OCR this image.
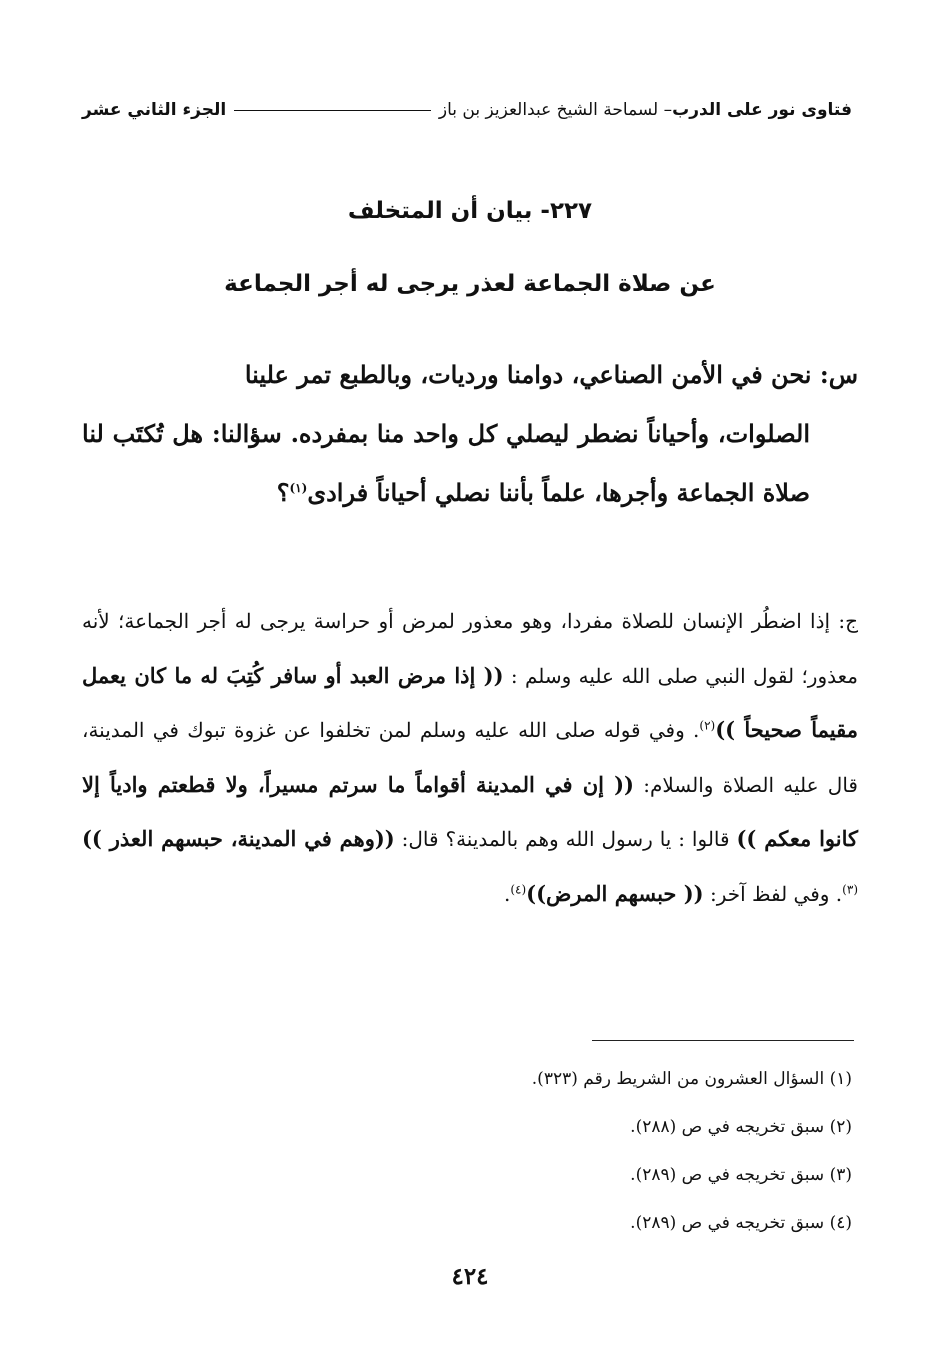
فتاوى نور على الدرب
– لسماحة الشيخ عبدالعزيز بن باز
الجزء الثاني عشر
٢٢٧- بيان أن المتخلف
عن صلاة الجماعة لعذر يرجى له أجر الجماعة
س: نحن في الأمن الصناعي، دوامنا ورديات، وبالطبع تمر علينا
الصلوات، وأحياناً نضطر ليصلي كل واحد منا بمفرده. سؤالنا: هل تُكتَب لنا صلاة الجماعة وأجرها، علماً بأننا نصلي أحياناً فرادى$^{(١)}$؟
ج: إذا اضطُر الإنسان للصلاة مفردا، وهو معذور لمرض أو حراسة يرجى له أجر الجماعة؛ لأنه معذور؛ لقول النبي صلى الله عليه وسلم : (( إذا مرض العبد أو سافر كُتِبَ له ما كان يعمل مقيماً صحيحاً ))$^{(٢)}$. وفي قوله صلى الله عليه وسلم لمن تخلفوا عن غزوة تبوك في المدينة، قال عليه الصلاة والسلام: (( إن في المدينة أقواماً ما سرتم مسيراً، ولا قطعتم وادياً إلا كانوا معكم )) قالوا : يا رسول الله وهم بالمدينة؟ قال: ((وهم في المدينة، حبسهم العذر ))$^{(٣)}$. وفي لفظ آخر: (( حبسهم المرض))$^{(٤)}$.
(١) السؤال العشرون من الشريط رقم (٣٢٣).
(٢) سبق تخريجه في ص (٢٨٨).
(٣) سبق تخريجه في ص (٢٨٩).
(٤) سبق تخريجه في ص (٢٨٩).
٤٢٤
